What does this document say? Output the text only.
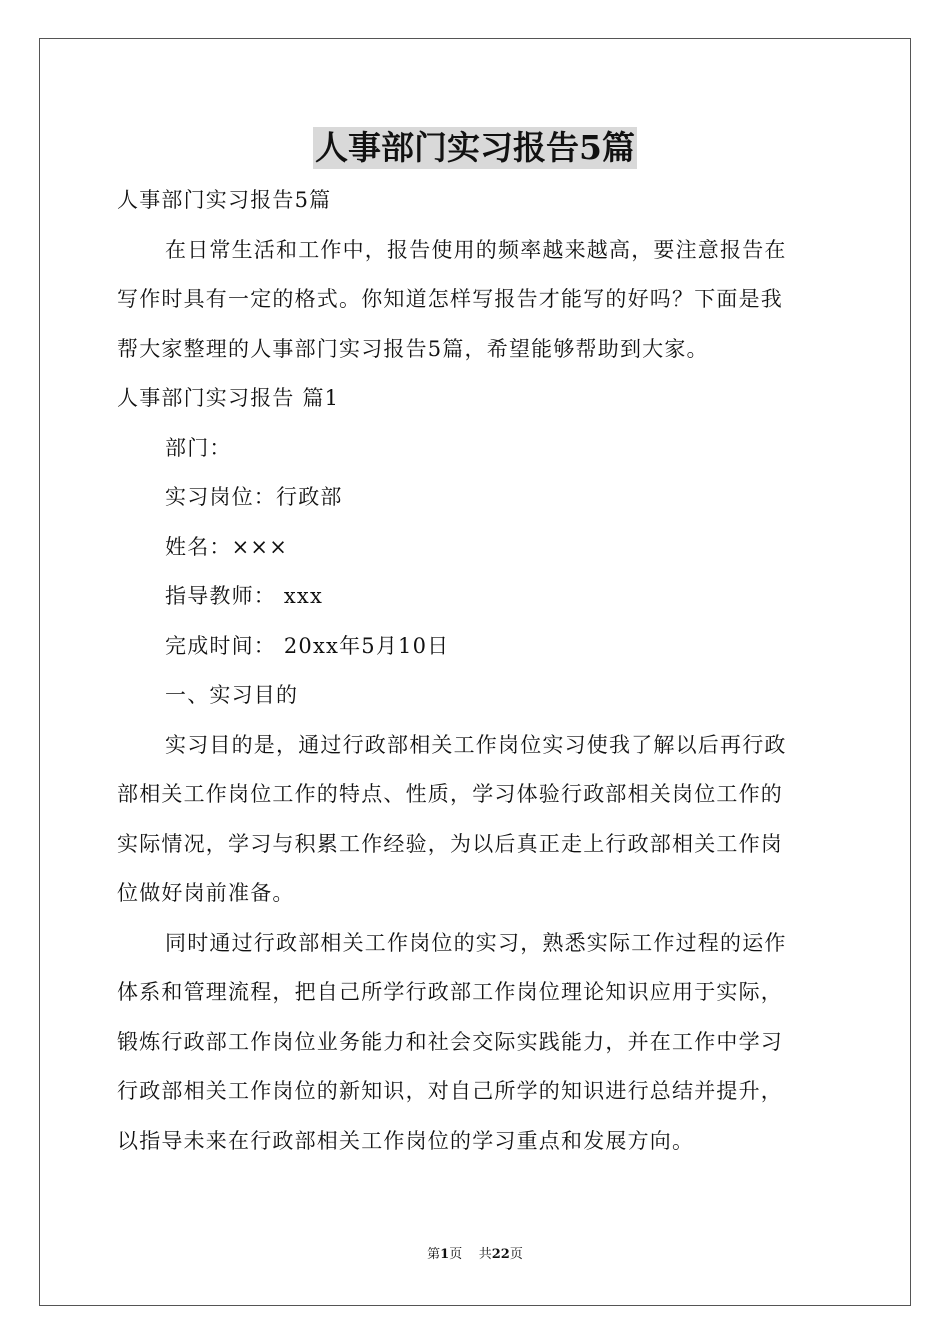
人事部门实习报告5篇
人事部门实习报告5篇
在日常生活和工作中，报告使用的频率越来越高，要注意报告在
写作时具有一定的格式。你知道怎样写报告才能写的好吗？下面是我
帮大家整理的人事部门实习报告5篇，希望能够帮助到大家。
人事部门实习报告 篇1
部门：
实习岗位：行政部
姓名：×××
指导教师： xxx
完成时间： 20xx年5月10日
一、实习目的
实习目的是，通过行政部相关工作岗位实习使我了解以后再行政
部相关工作岗位工作的特点、性质，学习体验行政部相关岗位工作的
实际情况，学习与积累工作经验，为以后真正走上行政部相关工作岗
位做好岗前准备。
同时通过行政部相关工作岗位的实习，熟悉实际工作过程的运作
体系和管理流程，把自己所学行政部工作岗位理论知识应用于实际，
锻炼行政部工作岗位业务能力和社会交际实践能力，并在工作中学习
行政部相关工作岗位的新知识，对自己所学的知识进行总结并提升，
以指导未来在行政部相关工作岗位的学习重点和发展方向。
第1页 共22页
